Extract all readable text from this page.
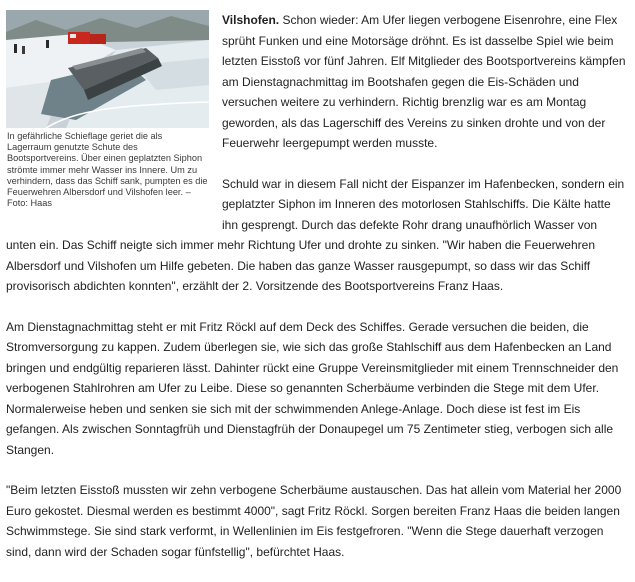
In gefährliche Schieflage geriet die als Lagerraum genutzte Schute des Bootsportvereins. Über einen geplatzten Siphon strömte immer mehr Wasser ins Innere. Um zu verhindern, dass das Schiff sank, pumpten es die Feuerwehren Albersdorf und Vilshofen leer. – Foto: Haas

Vilshofen. Schon wieder: Am Ufer liegen verbogene Eisenrohre, eine Flex sprüht Funken und eine Motorsäge dröhnt. Es ist dasselbe Spiel wie beim letzten Eisstoß vor fünf Jahren. Elf Mitglieder des Bootsportvereins kämpfen am Dienstagnachmittag im Bootshafen gegen die Eis-Schäden und versuchen weitere zu verhindern. Richtig brenzlig war es am Montag geworden, als das Lagerschiff des Vereins zu sinken drohte und von der Feuerwehr leergepumpt werden musste.

Schuld war in diesem Fall nicht der Eispanzer im Hafenbecken, sondern ein geplatzter Siphon im Inneren des motorlosen Stahlschiffs. Die Kälte hatte ihn gesprengt. Durch das defekte Rohr drang unaufhörlich Wasser von unten ein. Das Schiff neigte sich immer mehr Richtung Ufer und drohte zu sinken. "Wir haben die Feuerwehren Albersdorf und Vilshofen um Hilfe gebeten. Die haben das ganze Wasser rausgepumpt, so dass wir das Schiff provisorisch abdichten konnten", erzählt der 2. Vorsitzende des Bootsportvereins Franz Haas.

Am Dienstagnachmittag steht er mit Fritz Röckl auf dem Deck des Schiffes. Gerade versuchen die beiden, die Stromversorgung zu kappen. Zudem überlegen sie, wie sich das große Stahlschiff aus dem Hafenbecken an Land bringen und endgültig reparieren lässt. Dahinter rückt eine Gruppe Vereinsmitglieder mit einem Trennschneider den verbogenen Stahlrohren am Ufer zu Leibe. Diese so genannten Scherbäume verbinden die Stege mit dem Ufer. Normalerweise heben und senken sie sich mit der schwimmenden Anlege-Anlage. Doch diese ist fest im Eis gefangen. Als zwischen Sonntagfrüh und Dienstagfrüh der Donaupegel um 75 Zentimeter stieg, verbogen sich alle Stangen.

"Beim letzten Eisstoß mussten wir zehn verbogene Scherbäume austauschen. Das hat allein vom Material her 2000 Euro gekostet. Diesmal werden es bestimmt 4000", sagt Fritz Röckl. Sorgen bereiten Franz Haas die beiden langen Schwimmstege. Sie sind stark verformt, in Wellenlinien im Eis festgefroren. "Wenn die Stege dauerhaft verzogen sind, dann wird der Schaden sogar fünfstellig", befürchtet Haas.
